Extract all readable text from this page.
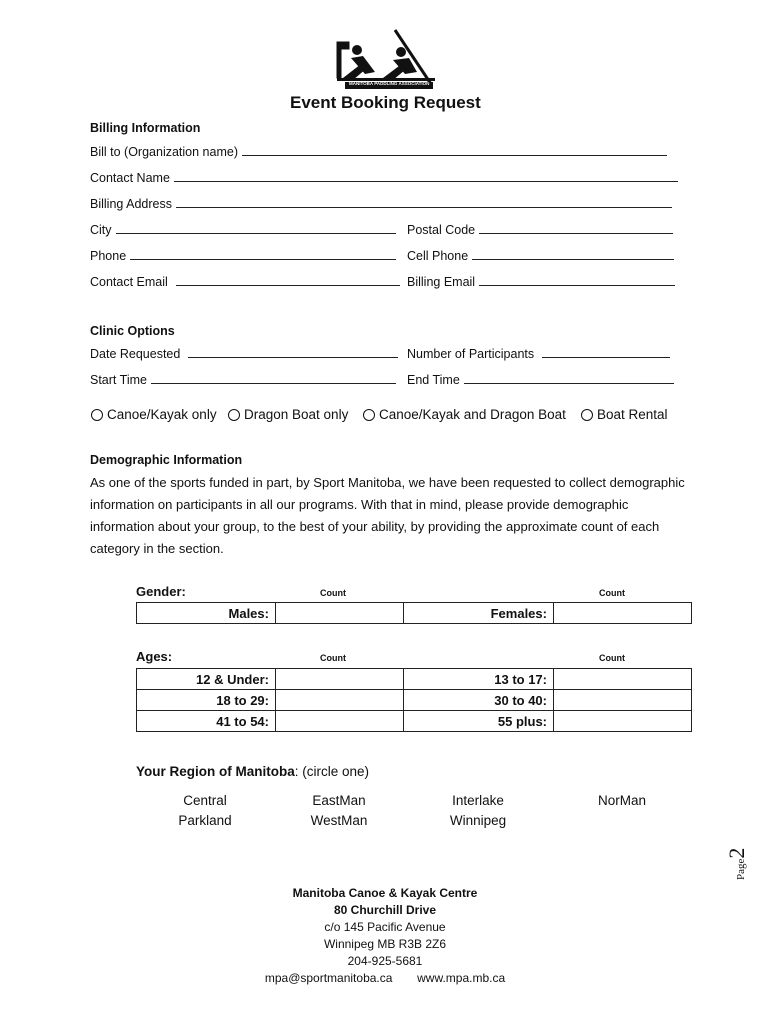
MANITOBA PADDLING ASSOCIATION
Event Booking Request
Billing Information
Bill to (Organization name)
Contact Name
Billing Address
City	Postal Code
Phone	Cell Phone
Contact Email	Billing Email
Clinic Options
Date Requested	Number of Participants
Start Time	End Time
Canoe/Kayak only Dragon Boat only Canoe/Kayak and Dragon Boat Boat Rental
Demographic Information
As one of the sports funded in part, by Sport Manitoba, we have been requested to collect demographic information on participants in all our programs. With that in mind, please provide demographic information about your group, to the best of your ability, by providing the approximate count of each category in the section.
Gender:	Count	Count
Males:		Females:	
Ages:	Count	Count
12 & Under:		13 to 17:	
18 to 29:		30 to 40:	
41 to 54:		55 plus:	
Your Region of Manitoba: (circle one)
Central	EastMan	Interlake	NorMan
Parkland	WestMan	Winnipeg
Page2
Manitoba Canoe & Kayak Centre
80 Churchill Drive
c/o 145 Pacific Avenue
Winnipeg MB R3B 2Z6
204-925-5681
mpa@sportmanitoba.ca www.mpa.mb.ca
